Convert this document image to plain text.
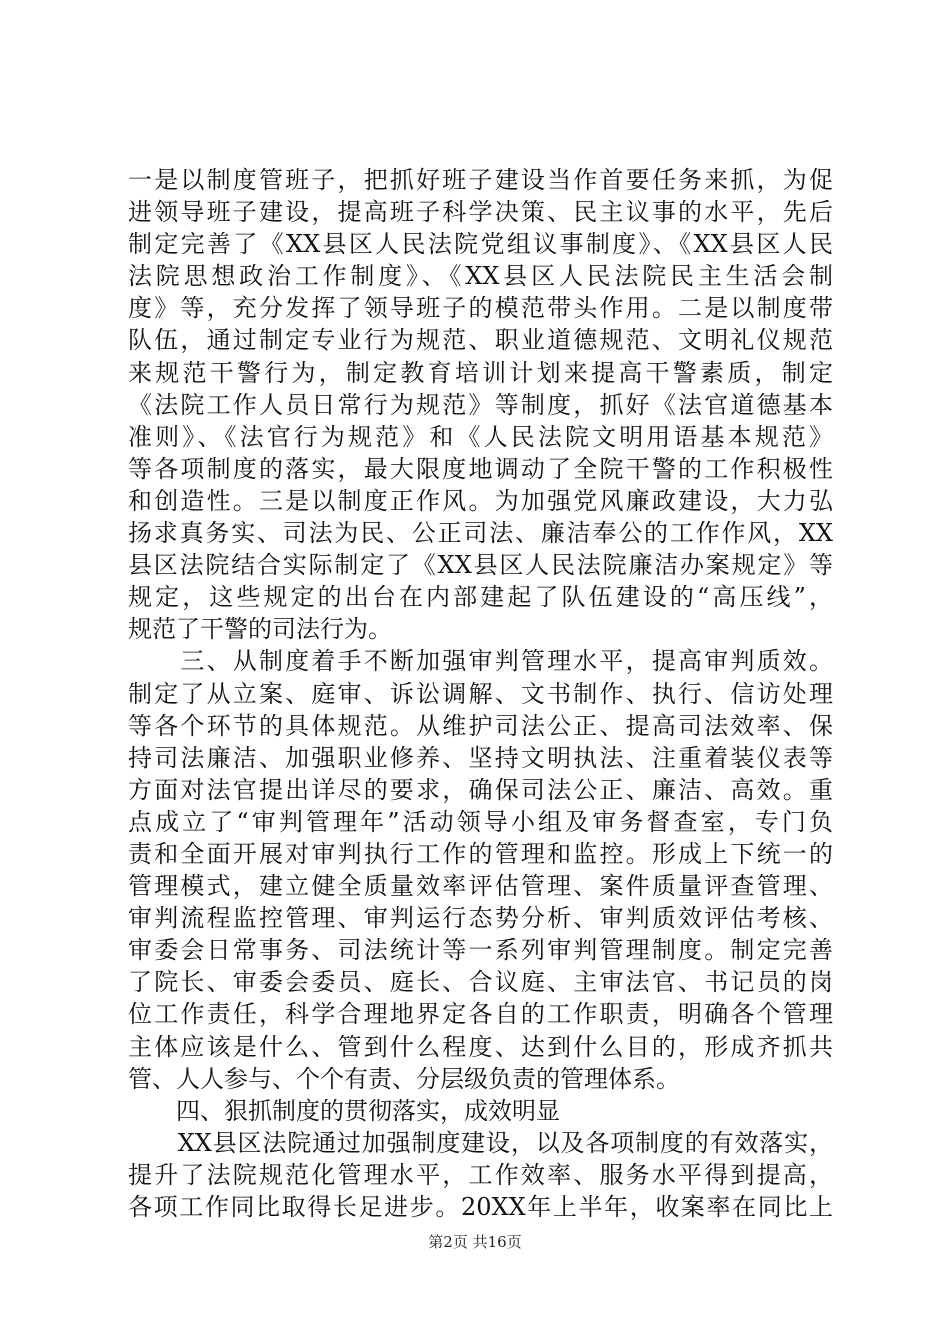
一是以制度管班子，把抓好班子建设当作首要任务来抓，为促
进领导班子建设，提高班子科学决策、民主议事的水平，先后
制定完善了《XX县区人民法院党组议事制度》、《XX县区人民
法院思想政治工作制度》、《XX县区人民法院民主生活会制
度》等，充分发挥了领导班子的模范带头作用。二是以制度带
队伍，通过制定专业行为规范、职业道德规范、文明礼仪规范
来规范干警行为，制定教育培训计划来提高干警素质，制定
《法院工作人员日常行为规范》等制度，抓好《法官道德基本
准则》、《法官行为规范》和《人民法院文明用语基本规范》
等各项制度的落实，最大限度地调动了全院干警的工作积极性
和创造性。三是以制度正作风。为加强党风廉政建设，大力弘
扬求真务实、司法为民、公正司法、廉洁奉公的工作作风，XX
县区法院结合实际制定了《XX县区人民法院廉洁办案规定》等
规定，这些规定的出台在内部建起了队伍建设的“高压线”，
规范了干警的司法行为。
　　三、从制度着手不断加强审判管理水平，提高审判质效。
制定了从立案、庭审、诉讼调解、文书制作、执行、信访处理
等各个环节的具体规范。从维护司法公正、提高司法效率、保
持司法廉洁、加强职业修养、坚持文明执法、注重着装仪表等
方面对法官提出详尽的要求，确保司法公正、廉洁、高效。重
点成立了“审判管理年”活动领导小组及审务督查室，专门负
责和全面开展对审判执行工作的管理和监控。形成上下统一的
管理模式，建立健全质量效率评估管理、案件质量评查管理、
审判流程监控管理、审判运行态势分析、审判质效评估考核、
审委会日常事务、司法统计等一系列审判管理制度。制定完善
了院长、审委会委员、庭长、合议庭、主审法官、书记员的岗
位工作责任，科学合理地界定各自的工作职责，明确各个管理
主体应该是什么、管到什么程度、达到什么目的，形成齐抓共
管、人人参与、个个有责、分层级负责的管理体系。
　　四、狠抓制度的贯彻落实，成效明显
　　XX县区法院通过加强制度建设，以及各项制度的有效落实，
提升了法院规范化管理水平，工作效率、服务水平得到提高，
各项工作同比取得长足进步。20XX年上半年，收案率在同比上
第2页 共16页
